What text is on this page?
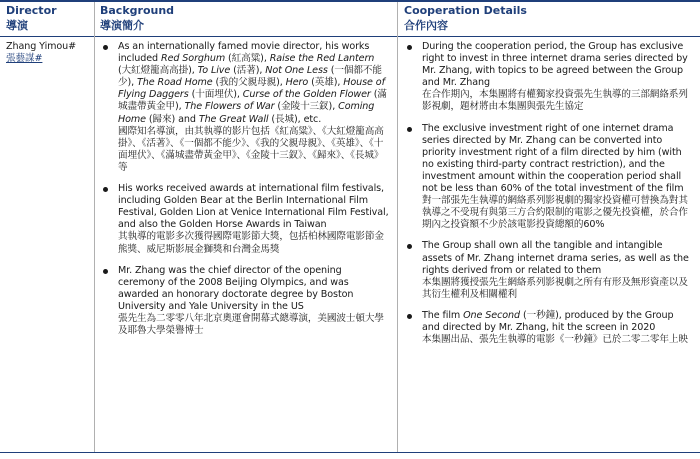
Director
導演
Background
導演簡介
Cooperation Details
合作內容
Zhang Yimou#
張藝謀#
As an internationally famed movie director, his works included Red Sorghum (紅高粱), Raise the Red Lantern (大紅燈籠高高掛), To Live (活著), Not One Less (一個都不能少), The Road Home (我的父親母親), Hero (英雄), House of Flying Daggers (十面埋伏), Curse of the Golden Flower (滿城盡帶黃金甲), The Flowers of War (金陵十三釵), Coming Home (歸來) and The Great Wall (長城), etc.
國際知名導演，由其執導的影片包括《紅高粱》、《大紅燈籠高高掛》、《活著》、《一個都不能少》、《我的父親母親》、《英雄》、《十面埋伏》、《滿城盡帶黃金甲》、《金陵十三釵》、《歸來》、《長城》等
His works received awards at international film festivals, including Golden Bear at the Berlin International Film Festival, Golden Lion at Venice International Film Festival, and also the Golden Horse Awards in Taiwan
其執導的電影多次獲得國際電影節大獎，包括柏林國際電影節金熊獎、威尼斯影展金獅獎和台灣金馬獎
Mr. Zhang was the chief director of the opening ceremony of the 2008 Beijing Olympics, and was awarded an honorary doctorate degree by Boston University and Yale University in the US
張先生為二零零八年北京奧運會開幕式總導演，美國波士頓大學及耶魯大學榮譽博士
During the cooperation period, the Group has exclusive right to invest in three internet drama series directed by Mr. Zhang, with topics to be agreed between the Group and Mr. Zhang
在合作期內，本集團將有權獨家投資張先生執導的三部網絡系列影視劇，題材將由本集團與張先生協定
The exclusive investment right of one internet drama series directed by Mr. Zhang can be converted into priority investment right of a film directed by him (with no existing third-party contract restriction), and the investment amount within the cooperation period shall not be less than 60% of the total investment of the film
對一部張先生執導的網絡系列影視劇的獨家投資權可替換為對其執導之不受現有與第三方合約限制的電影之優先投資權，於合作期內之投資額不少於該電影投資總額的60%
The Group shall own all the tangible and intangible assets of Mr. Zhang internet drama series, as well as the rights derived from or related to them
本集團將獲授張先生網絡系列影視劇之所有有形及無形資產以及其衍生權利及相關權利
The film One Second (一秒鐘), produced by the Group and directed by Mr. Zhang, hit the screen in 2020
本集團出品、張先生執導的電影《一秒鐘》已於二零二零年上映
